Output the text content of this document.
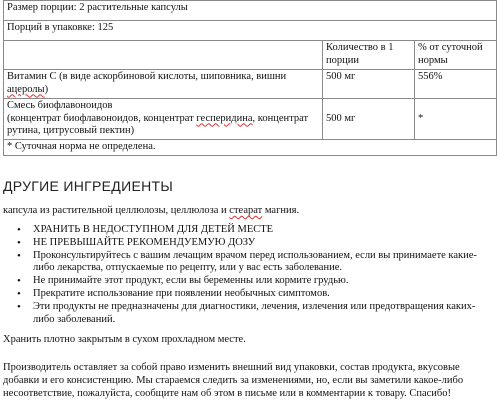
Размер порции: 2 растительные капсулы		
Порций в упаковке: 125		
	Количество в 1 порции	% от суточной нормы
Витамин C (в виде аскорбиновой кислоты, шиповника, вишни ацеролы)	500 мг	556%
Смесь биофлавоноидов
(концентрат биофлавоноидов, концентрат гесперидина, концентрат рутина, цитрусовый пектин)	500 мг	*
* Суточная норма не определена.		
ДРУГИЕ ИНГРЕДИЕНТЫ

капсула из растительной целлюлозы, целлюлоза и стеарат магния.

• ХРАНИТЬ В НЕДОСТУПНОМ ДЛЯ ДЕТЕЙ МЕСТЕ
• НЕ ПРЕВЫШАЙТЕ РЕКОМЕНДУЕМУЮ ДОЗУ
• Проконсультируйтесь с вашим лечащим врачом перед использованием, если вы принимаете какие-либо лекарства, отпускаемые по рецепту, или у вас есть заболевание.
• Не принимайте этот продукт, если вы беременны или кормите грудью.
• Прекратите использование при появлении необычных симптомов.
• Эти продукты не предназначены для диагностики, лечения, излечения или предотвращения каких-либо заболеваний.

Хранить плотно закрытым в сухом прохладном месте.

Производитель оставляет за собой право изменить внешний вид упаковки, состав продукта, вкусовые добавки и его консистенцию. Мы стараемся следить за изменениями, но, если вы заметили какое-либо несоответствие, пожалуйста, сообщите нам об этом в письме или в комментарии к товару. Спасибо!
